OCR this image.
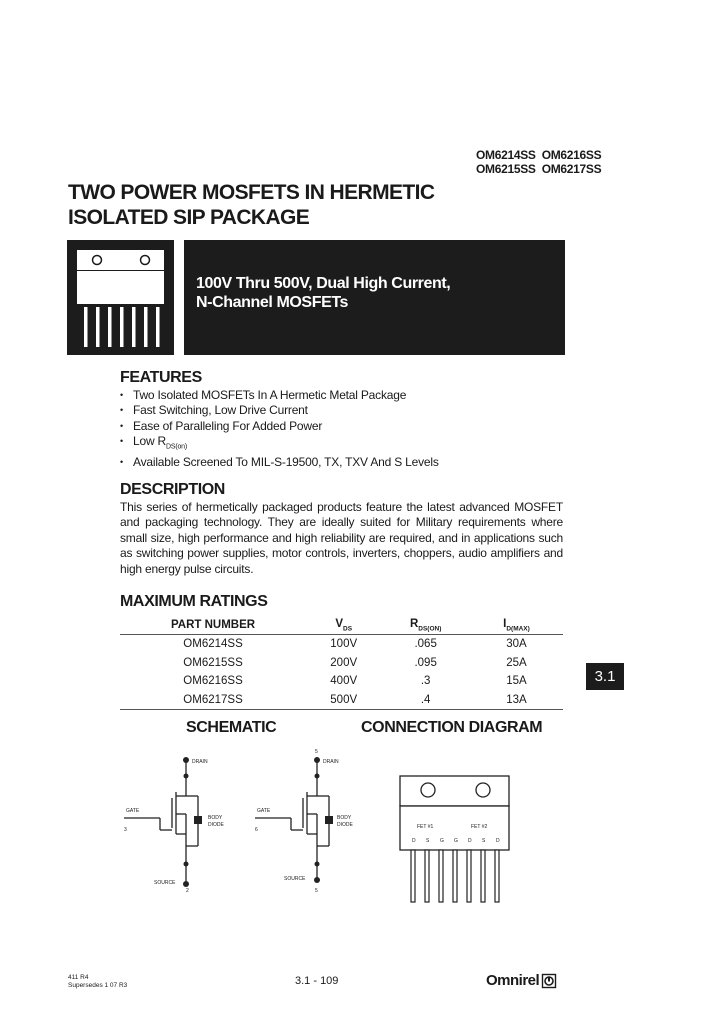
OM6214SS  OM6216SS
OM6215SS  OM6217SS
TWO POWER MOSFETS IN HERMETIC
ISOLATED SIP PACKAGE
100V Thru 500V, Dual High Current,
N-Channel MOSFETs
FEATURES
• Two Isolated MOSFETs In A Hermetic Metal Package
• Fast Switching, Low Drive Current
• Ease of Paralleling For Added Power
• Low $R_{DS(on)}$
• Available Screened To MIL-S-19500, TX, TXV And S Levels
DESCRIPTION
This series of hermetically packaged products feature the latest advanced MOSFET and packaging technology. They are ideally suited for Military requirements where small size, high performance and high reliability are required, and in applications such as switching power supplies, motor controls, inverters, choppers, audio amplifiers and high energy pulse circuits.
MAXIMUM RATINGS
PART NUMBER	$V_{DS}$	$R_{DS(ON)}$	$I_{D(MAX)}$
OM6214SS	100V	.065	30A
OM6215SS	200V	.095	25A
OM6216SS	400V	.3	15A
OM6217SS	500V	.4	13A
3.1
SCHEMATIC	CONNECTION DIAGRAM
DRAIN
GATE
3
BODY
DIODE
SOURCE
2
5
DRAIN
GATE
6
BODY
DIODE
SOURCE
5
FET #1	FET #2
D S G G D S D
411 R4
Supersedes 1 07 R3	3.1 - 109	Omnirel
